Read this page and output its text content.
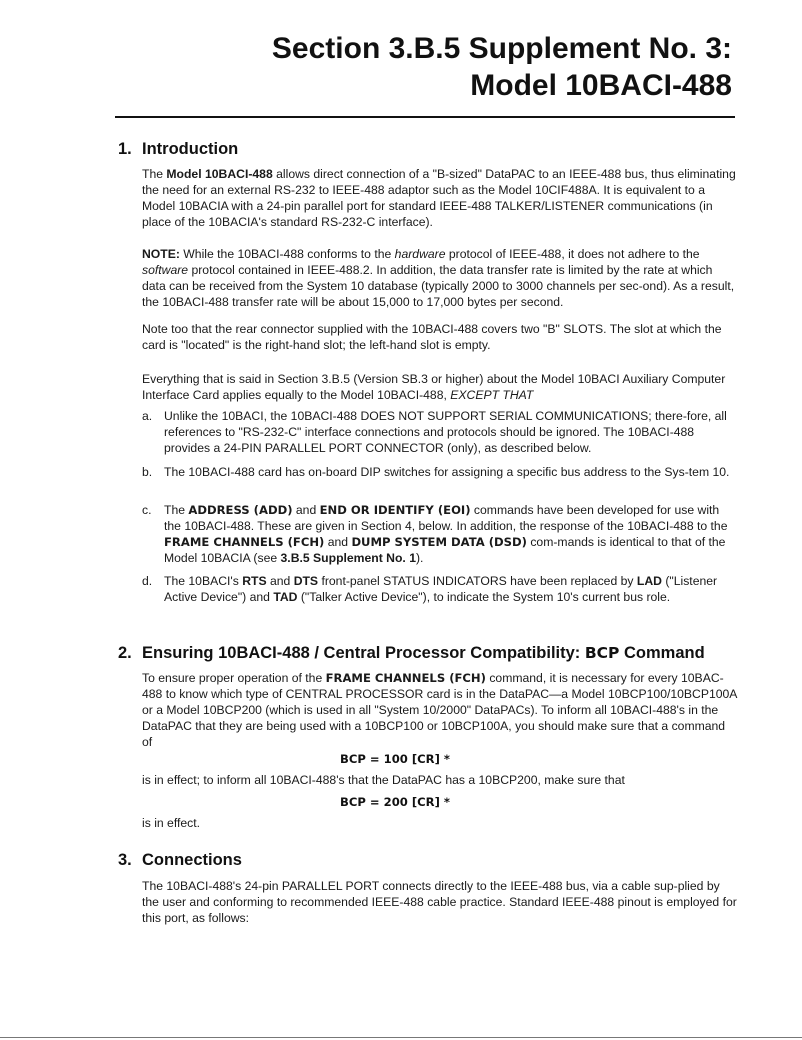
Section 3.B.5 Supplement No. 3:
Model 10BACI-488
1. Introduction
The Model 10BACI-488 allows direct connection of a "B-sized" DataPAC to an IEEE-488 bus, thus eliminating the need for an external RS-232 to IEEE-488 adaptor such as the Model 10CIF488A. It is equivalent to a Model 10BACIA with a 24-pin parallel port for standard IEEE-488 TALKER/LISTENER communications (in place of the 10BACIA's standard RS-232-C interface).
NOTE: While the 10BACI-488 conforms to the hardware protocol of IEEE-488, it does not adhere to the software protocol contained in IEEE-488.2. In addition, the data transfer rate is limited by the rate at which data can be received from the System 10 database (typically 2000 to 3000 channels per sec-ond). As a result, the 10BACI-488 transfer rate will be about 15,000 to 17,000 bytes per second.
Note too that the rear connector supplied with the 10BACI-488 covers two "B" SLOTS. The slot at which the card is "located" is the right-hand slot; the left-hand slot is empty.
Everything that is said in Section 3.B.5 (Version SB.3 or higher) about the Model 10BACI Auxiliary Computer Interface Card applies equally to the Model 10BACI-488, EXCEPT THAT
a. Unlike the 10BACI, the 10BACI-488 DOES NOT SUPPORT SERIAL COMMUNICATIONS; there-fore, all references to "RS-232-C" interface connections and protocols should be ignored. The 10BACI-488 provides a 24-PIN PARALLEL PORT CONNECTOR (only), as described below.
b. The 10BACI-488 card has on-board DIP switches for assigning a specific bus address to the Sys-tem 10.
c. The ADDRESS (ADD) and END OR IDENTIFY (EOI) commands have been developed for use with the 10BACI-488. These are given in Section 4, below. In addition, the response of the 10BACI-488 to the FRAME CHANNELS (FCH) and DUMP SYSTEM DATA (DSD) com-mands is identical to that of the Model 10BACIA (see 3.B.5 Supplement No. 1).
d. The 10BACI's RTS and DTS front-panel STATUS INDICATORS have been replaced by LAD ("Listener Active Device") and TAD ("Talker Active Device"), to indicate the System 10's current bus role.
2. Ensuring 10BACI-488 / Central Processor Compatibility: BCP Command
To ensure proper operation of the FRAME CHANNELS (FCH) command, it is necessary for every 10BAC-488 to know which type of CENTRAL PROCESSOR card is in the DataPAC—a Model 10BCP100/10BCP100A or a Model 10BCP200 (which is used in all "System 10/2000" DataPACs). To inform all 10BACI-488's in the DataPAC that they are being used with a 10BCP100 or 10BCP100A, you should make sure that a command of
BCP = 100 [CR] *
is in effect; to inform all 10BACI-488's that the DataPAC has a 10BCP200, make sure that
BCP = 200 [CR] *
is in effect.
3. Connections
The 10BACI-488's 24-pin PARALLEL PORT connects directly to the IEEE-488 bus, via a cable sup-plied by the user and conforming to recommended IEEE-488 cable practice. Standard IEEE-488 pinout is employed for this port, as follows:
